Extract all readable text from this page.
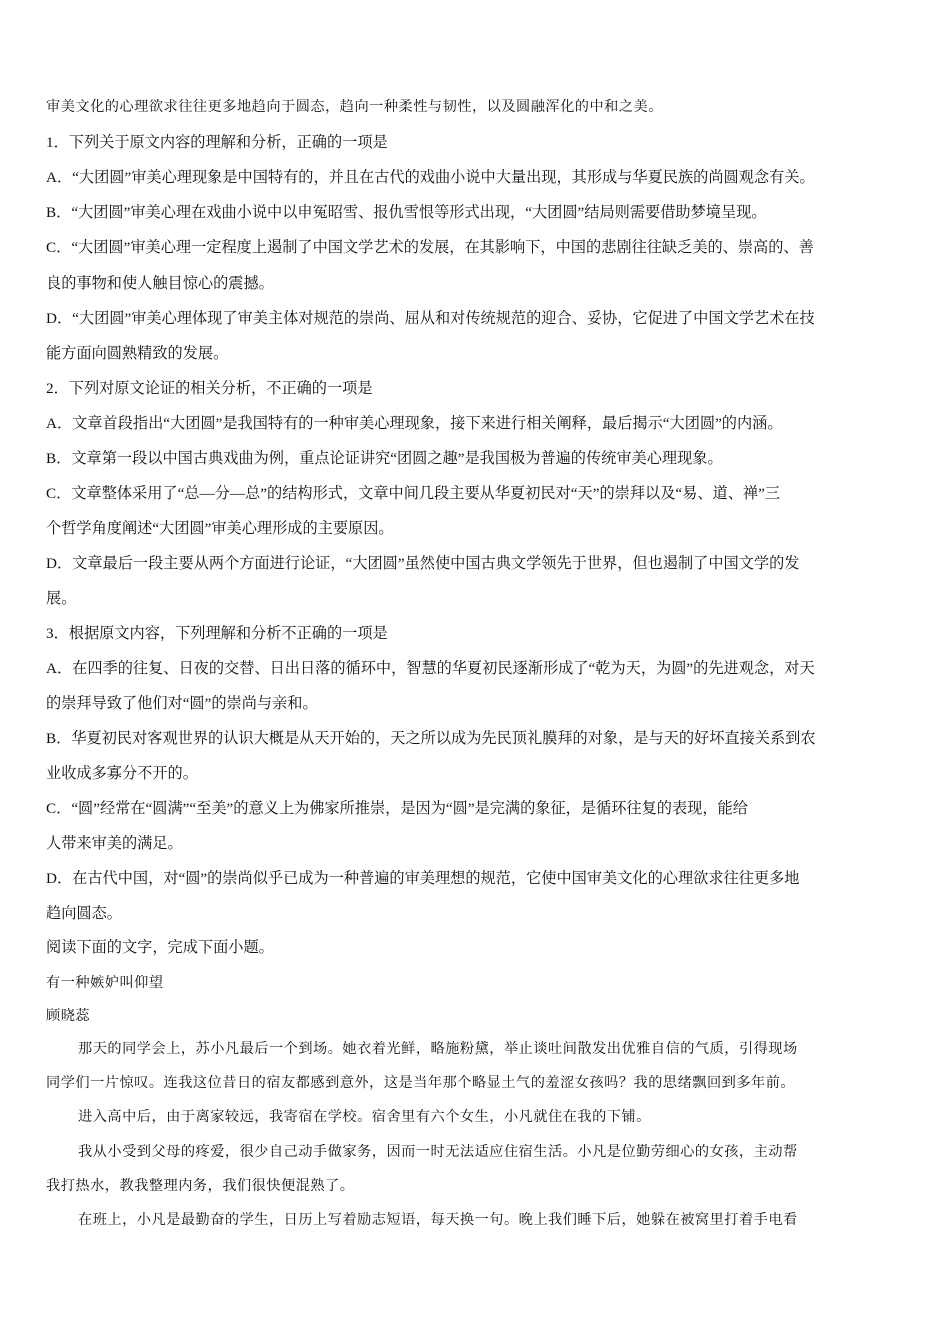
审美文化的心理欲求往往更多地趋向于圆态，趋向一种柔性与韧性，以及圆融浑化的中和之美。

1．下列关于原文内容的理解和分析，正确的一项是

A．“大团圆”审美心理现象是中国特有的，并且在古代的戏曲小说中大量出现，其形成与华夏民族的尚圆观念有关。

B．“大团圆”审美心理在戏曲小说中以申冤昭雪、报仇雪恨等形式出现，“大团圆”结局则需要借助梦境呈现。

C．“大团圆”审美心理一定程度上遏制了中国文学艺术的发展，在其影响下，中国的悲剧往往缺乏美的、崇高的、善

良的事物和使人触目惊心的震撼。

D．“大团圆”审美心理体现了审美主体对规范的崇尚、屈从和对传统规范的迎合、妥协，它促进了中国文学艺术在技

能方面向圆熟精致的发展。

2．下列对原文论证的相关分析，不正确的一项是

A．文章首段指出“大团圆”是我国特有的一种审美心理现象，接下来进行相关阐释，最后揭示“大团圆”的内涵。

B．文章第一段以中国古典戏曲为例，重点论证讲究“团圆之趣”是我国极为普遍的传统审美心理现象。

C．文章整体采用了“总—分—总”的结构形式，文章中间几段主要从华夏初民对“天”的崇拜以及“易、道、禅”三

个哲学角度阐述“大团圆”审美心理形成的主要原因。

D．文章最后一段主要从两个方面进行论证，“大团圆”虽然使中国古典文学领先于世界，但也遏制了中国文学的发

展。

3．根据原文内容，下列理解和分析不正确的一项是

A．在四季的往复、日夜的交替、日出日落的循环中，智慧的华夏初民逐渐形成了“乾为天，为圆”的先进观念，对天

的崇拜导致了他们对“圆”的崇尚与亲和。

B．华夏初民对客观世界的认识大概是从天开始的，天之所以成为先民顶礼膜拜的对象，是与天的好坏直接关系到农

业收成多寡分不开的。

C．“圆”经常在“圆满”“至美”的意义上为佛家所推崇，是因为“圆”是完满的象征，是循环往复的表现，能给

人带来审美的满足。

D．在古代中国，对“圆”的崇尚似乎已成为一种普遍的审美理想的规范，它使中国审美文化的心理欲求往往更多地

趋向圆态。

阅读下面的文字，完成下面小题。

有一种嫉妒叫仰望

顾晓蕊

那天的同学会上，苏小凡最后一个到场。她衣着光鲜，略施粉黛，举止谈吐间散发出优雅自信的气质，引得现场

同学们一片惊叹。连我这位昔日的宿友都感到意外，这是当年那个略显土气的羞涩女孩吗？我的思绪飘回到多年前。

进入高中后，由于离家较远，我寄宿在学校。宿舍里有六个女生，小凡就住在我的下铺。

我从小受到父母的疼爱，很少自己动手做家务，因而一时无法适应住宿生活。小凡是位勤劳细心的女孩，主动帮

我打热水，教我整理内务，我们很快便混熟了。

在班上，小凡是最勤奋的学生，日历上写着励志短语，每天换一句。晚上我们睡下后，她躲在被窝里打着手电看
